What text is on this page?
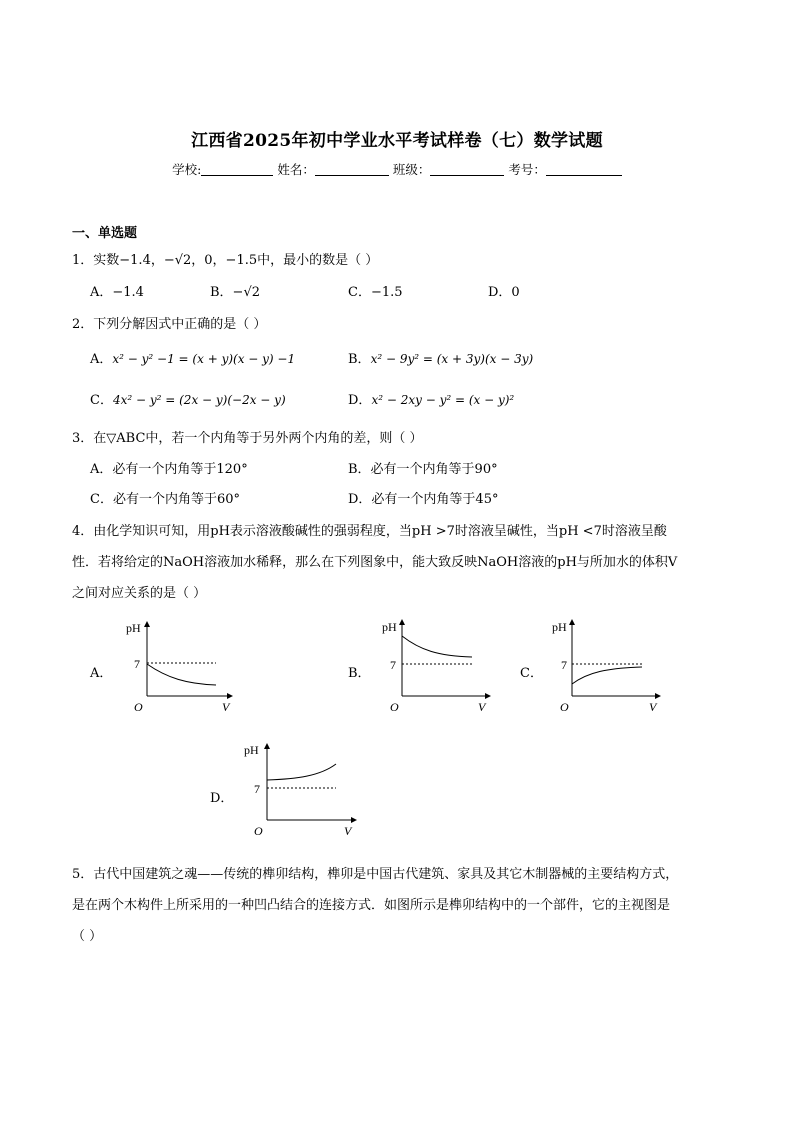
江西省2025年初中学业水平考试样卷（七）数学试题
学校:	姓名：	班级：	考号：
一、单选题
1．实数−1.4，−√2，0，−1.5中，最小的数是（ ）
A．−1.4	B．−√2	C．−1.5	D．0
2．下列分解因式中正确的是（ ）
A．x² − y² −1 = (x + y)(x − y) −1	B．x² − 9y² = (x + 3y)(x − 3y)
C．4x² − y² = (2x − y)(−2x − y)	D．x² − 2xy − y² = (x − y)²
3．在▽ABC中，若一个内角等于另外两个内角的差，则（ ）
A．必有一个内角等于120°	B．必有一个内角等于90°
C．必有一个内角等于60°	D．必有一个内角等于45°
4．由化学知识可知，用pH表示溶液酸碱性的强弱程度，当pH >7时溶液呈碱性，当pH <7时溶液呈酸
性．若将给定的NaOH溶液加水稀释，那么在下列图象中，能大致反映NaOH溶液的pH与所加水的体积V
之间对应关系的是（ ）
A．
pH
7
O	V
B．
pH
7
O	V
C．
pH
7
O	V
D．
pH
7
O	V
5．古代中国建筑之魂——传统的榫卯结构，榫卯是中国古代建筑、家具及其它木制器械的主要结构方式，
是在两个木构件上所采用的一种凹凸结合的连接方式．如图所示是榫卯结构中的一个部件，它的主视图是
（ ）
